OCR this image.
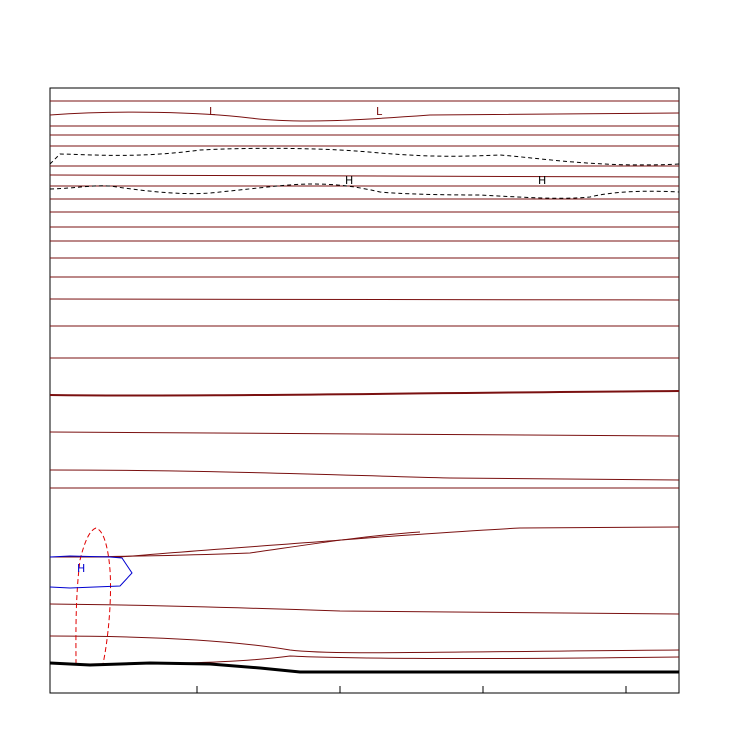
L	L
H	H
H
